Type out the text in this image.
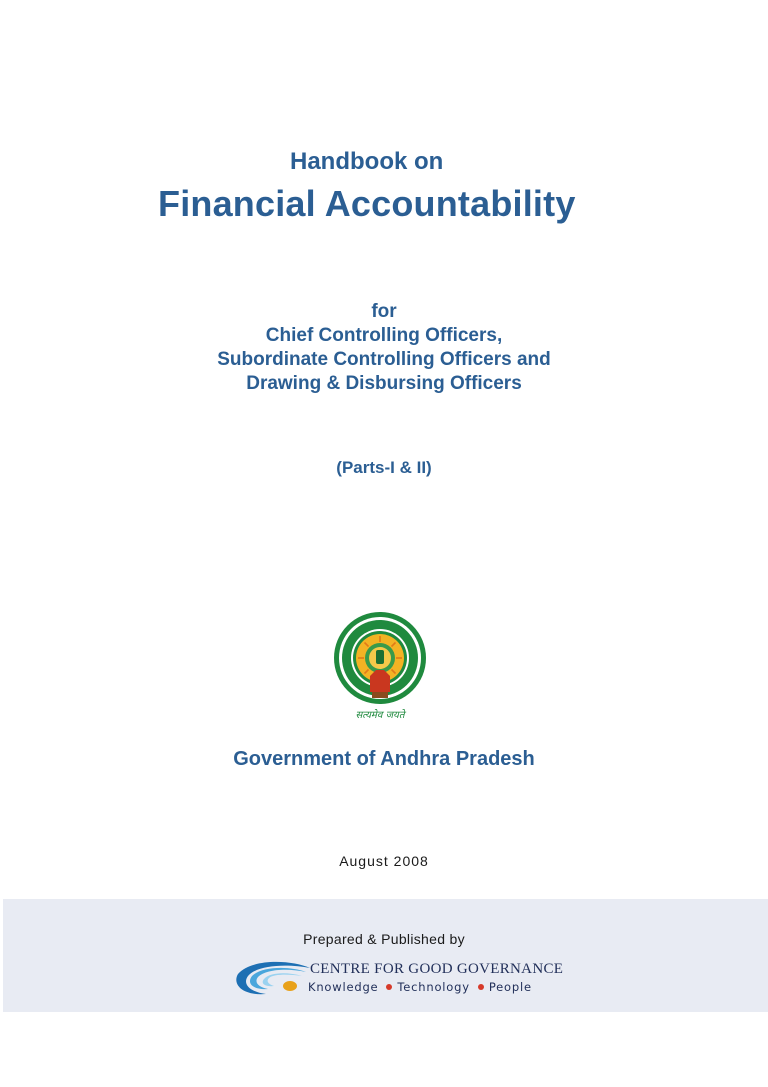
Handbook on
Financial Accountability
for
Chief Controlling Officers,
Subordinate Controlling Officers and
Drawing & Disbursing Officers
(Parts-I & II)
सत्यमेव जयते
Government of Andhra Pradesh
August 2008
Prepared & Published by
CENTRE FOR GOOD GOVERNANCE
Knowledge Technology People
